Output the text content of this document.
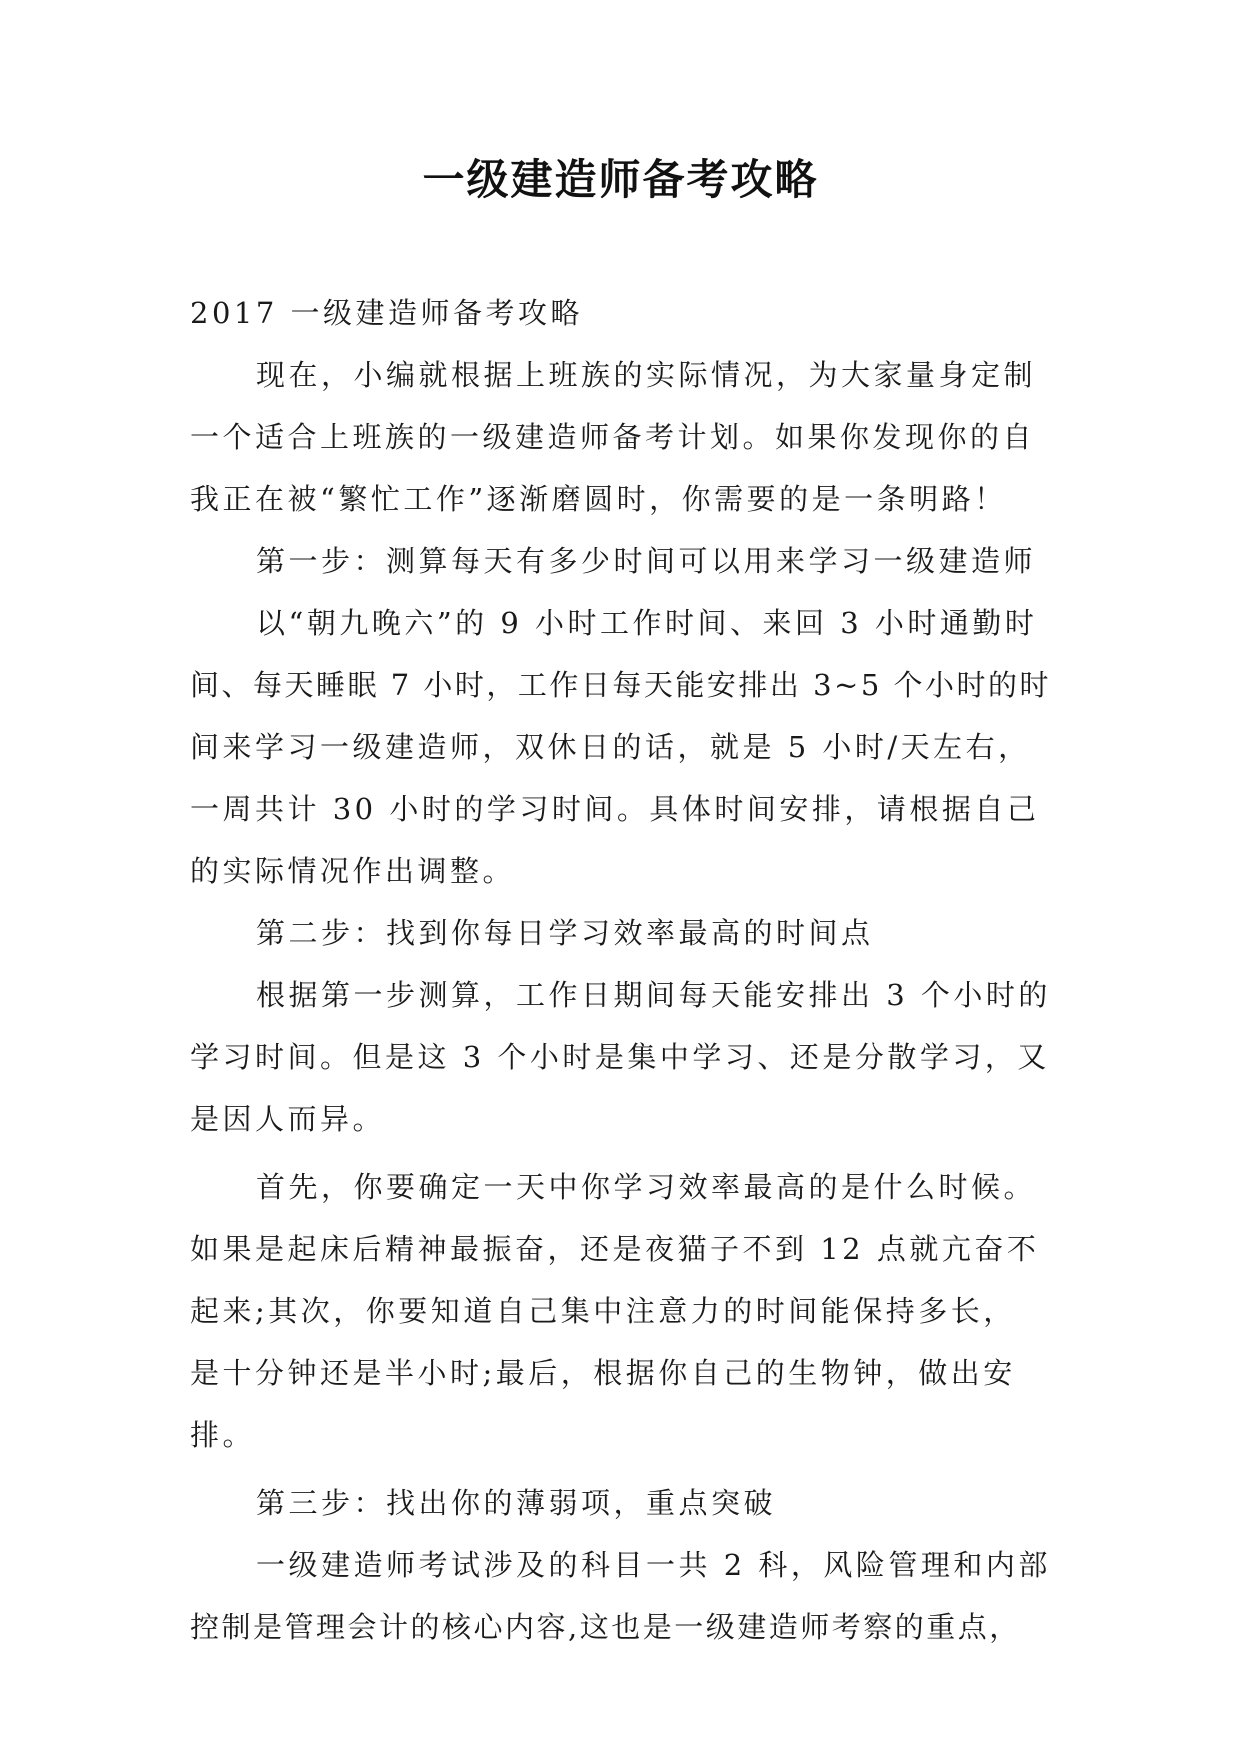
一级建造师备考攻略
2017 一级建造师备考攻略
现在，小编就根据上班族的实际情况，为大家量身定制
一个适合上班族的一级建造师备考计划。如果你发现你的自
我正在被“繁忙工作”逐渐磨圆时，你需要的是一条明路！
第一步：测算每天有多少时间可以用来学习一级建造师
以“朝九晚六”的 9 小时工作时间、来回 3 小时通勤时
间、每天睡眠 7 小时，工作日每天能安排出 3~5 个小时的时
间来学习一级建造师，双休日的话，就是 5 小时/天左右，
一周共计 30 小时的学习时间。具体时间安排，请根据自己
的实际情况作出调整。
第二步：找到你每日学习效率最高的时间点
根据第一步测算，工作日期间每天能安排出 3 个小时的
学习时间。但是这 3 个小时是集中学习、还是分散学习，又
是因人而异。
首先，你要确定一天中你学习效率最高的是什么时候。
如果是起床后精神最振奋，还是夜猫子不到 12 点就亢奋不
起来;其次，你要知道自己集中注意力的时间能保持多长，
是十分钟还是半小时;最后，根据你自己的生物钟，做出安
排。
第三步：找出你的薄弱项，重点突破
一级建造师考试涉及的科目一共 2 科，风险管理和内部
控制是管理会计的核心内容,这也是一级建造师考察的重点，
